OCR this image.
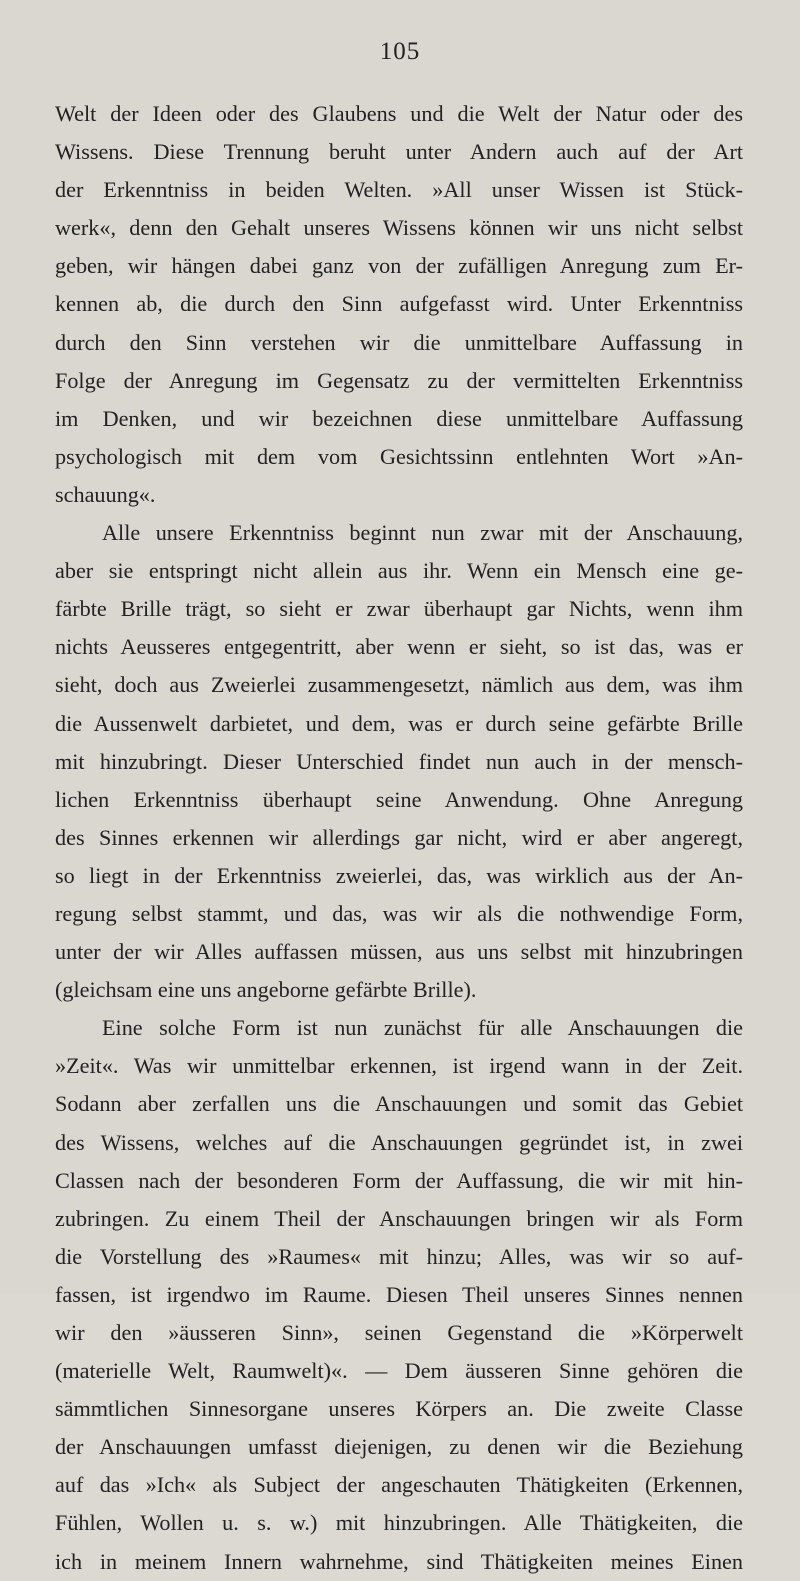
105
Welt der Ideen oder des Glaubens und die Welt der Natur oder des
Wissens. Diese Trennung beruht unter Andern auch auf der Art
der Erkenntniss in beiden Welten. »All unser Wissen ist Stück-
werk«, denn den Gehalt unseres Wissens können wir uns nicht selbst
geben, wir hängen dabei ganz von der zufälligen Anregung zum Er-
kennen ab, die durch den Sinn aufgefasst wird. Unter Erkenntniss
durch den Sinn verstehen wir die unmittelbare Auffassung in
Folge der Anregung im Gegensatz zu der vermittelten Erkenntniss
im Denken, und wir bezeichnen diese unmittelbare Auffassung
psychologisch mit dem vom Gesichtssinn entlehnten Wort »An-
schauung«.
Alle unsere Erkenntniss beginnt nun zwar mit der Anschauung,
aber sie entspringt nicht allein aus ihr. Wenn ein Mensch eine ge-
färbte Brille trägt, so sieht er zwar überhaupt gar Nichts, wenn ihm
nichts Aeusseres entgegentritt, aber wenn er sieht, so ist das, was er
sieht, doch aus Zweierlei zusammengesetzt, nämlich aus dem, was ihm
die Aussenwelt darbietet, und dem, was er durch seine gefärbte Brille
mit hinzubringt. Dieser Unterschied findet nun auch in der mensch-
lichen Erkenntniss überhaupt seine Anwendung. Ohne Anregung
des Sinnes erkennen wir allerdings gar nicht, wird er aber angeregt,
so liegt in der Erkenntniss zweierlei, das, was wirklich aus der An-
regung selbst stammt, und das, was wir als die nothwendige Form,
unter der wir Alles auffassen müssen, aus uns selbst mit hinzubringen
(gleichsam eine uns angeborne gefärbte Brille).
Eine solche Form ist nun zunächst für alle Anschauungen die
»Zeit«. Was wir unmittelbar erkennen, ist irgend wann in der Zeit.
Sodann aber zerfallen uns die Anschauungen und somit das Gebiet
des Wissens, welches auf die Anschauungen gegründet ist, in zwei
Classen nach der besonderen Form der Auffassung, die wir mit hin-
zubringen. Zu einem Theil der Anschauungen bringen wir als Form
die Vorstellung des »Raumes« mit hinzu; Alles, was wir so auf-
fassen, ist irgendwo im Raume. Diesen Theil unseres Sinnes nennen
wir den »äusseren Sinn», seinen Gegenstand die »Körperwelt
(materielle Welt, Raumwelt)«. — Dem äusseren Sinne gehören die
sämmtlichen Sinnesorgane unseres Körpers an. Die zweite Classe
der Anschauungen umfasst diejenigen, zu denen wir die Beziehung
auf das »Ich« als Subject der angeschauten Thätigkeiten (Erkennen,
Fühlen, Wollen u. s. w.) mit hinzubringen. Alle Thätigkeiten, die
ich in meinem Innern wahrnehme, sind Thätigkeiten meines Einen
